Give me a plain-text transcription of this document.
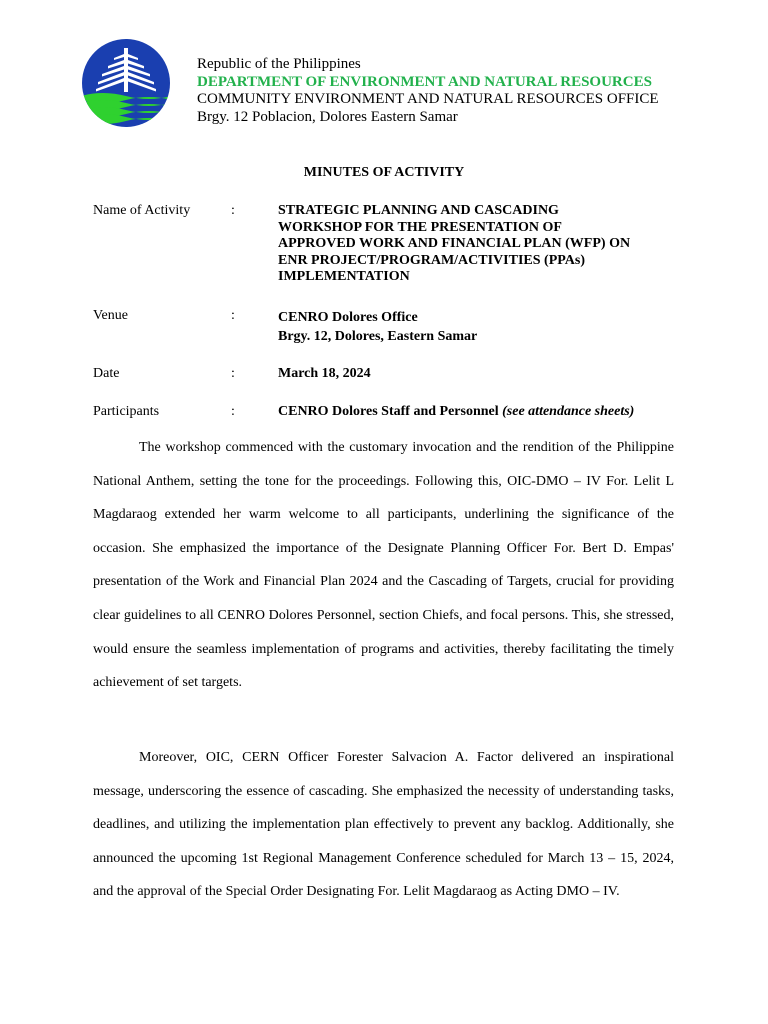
Republic of the Philippines
DEPARTMENT OF ENVIRONMENT AND NATURAL RESOURCES
COMMUNITY ENVIRONMENT AND NATURAL RESOURCES OFFICE
Brgy. 12 Poblacion, Dolores Eastern Samar
MINUTES OF ACTIVITY
Name of Activity	:	STRATEGIC PLANNING AND CASCADING
WORKSHOP FOR THE PRESENTATION OF
APPROVED WORK AND FINANCIAL PLAN (WFP) ON
ENR PROJECT/PROGRAM/ACTIVITIES (PPAs)
IMPLEMENTATION
Venue	:	CENRO Dolores Office
Brgy. 12, Dolores, Eastern Samar
Date	:	March 18, 2024
Participants	:	CENRO Dolores Staff and Personnel (see attendance sheets)

The workshop commenced with the customary invocation and the rendition of the Philippine National Anthem, setting the tone for the proceedings. Following this, OIC-DMO – IV For. Lelit L Magdaraog extended her warm welcome to all participants, underlining the significance of the occasion. She emphasized the importance of the Designate Planning Officer For. Bert D. Empas' presentation of the Work and Financial Plan 2024 and the Cascading of Targets, crucial for providing clear guidelines to all CENRO Dolores Personnel, section Chiefs, and focal persons. This, she stressed, would ensure the seamless implementation of programs and activities, thereby facilitating the timely achievement of set targets.

Moreover, OIC, CERN Officer Forester Salvacion A. Factor delivered an inspirational message, underscoring the essence of cascading. She emphasized the necessity of understanding tasks, deadlines, and utilizing the implementation plan effectively to prevent any backlog. Additionally, she announced the upcoming 1st Regional Management Conference scheduled for March 13 – 15, 2024, and the approval of the Special Order Designating For. Lelit Magdaraog as Acting DMO – IV.
